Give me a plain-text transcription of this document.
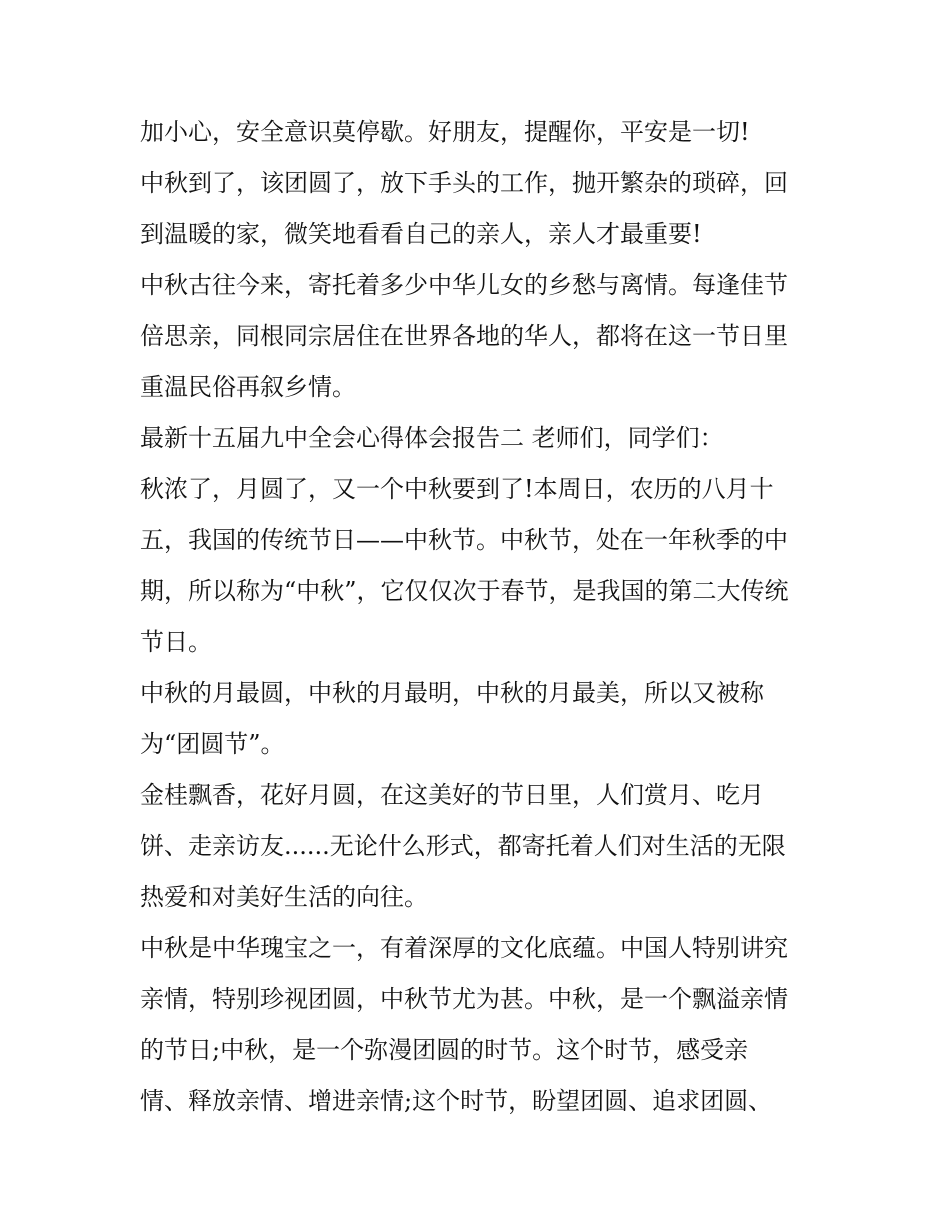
加小心，安全意识莫停歇。好朋友，提醒你，平安是一切!
中秋到了，该团圆了，放下手头的工作，抛开繁杂的琐碎，回
到温暖的家，微笑地看看自己的亲人，亲人才最重要!
中秋古往今来，寄托着多少中华儿女的乡愁与离情。每逢佳节
倍思亲，同根同宗居住在世界各地的华人，都将在这一节日里
重温民俗再叙乡情。
最新十五届九中全会心得体会报告二 老师们，同学们：
秋浓了，月圆了，又一个中秋要到了!本周日，农历的八月十
五，我国的传统节日——中秋节。中秋节，处在一年秋季的中
期，所以称为“中秋”，它仅仅次于春节，是我国的第二大传统
节日。
中秋的月最圆，中秋的月最明，中秋的月最美，所以又被称
为“团圆节”。
金桂飘香，花好月圆，在这美好的节日里，人们赏月、吃月
饼、走亲访友......无论什么形式，都寄托着人们对生活的无限
热爱和对美好生活的向往。
中秋是中华瑰宝之一，有着深厚的文化底蕴。中国人特别讲究
亲情，特别珍视团圆，中秋节尤为甚。中秋，是一个飘溢亲情
的节日;中秋，是一个弥漫团圆的时节。这个时节，感受亲
情、释放亲情、增进亲情;这个时节，盼望团圆、追求团圆、
